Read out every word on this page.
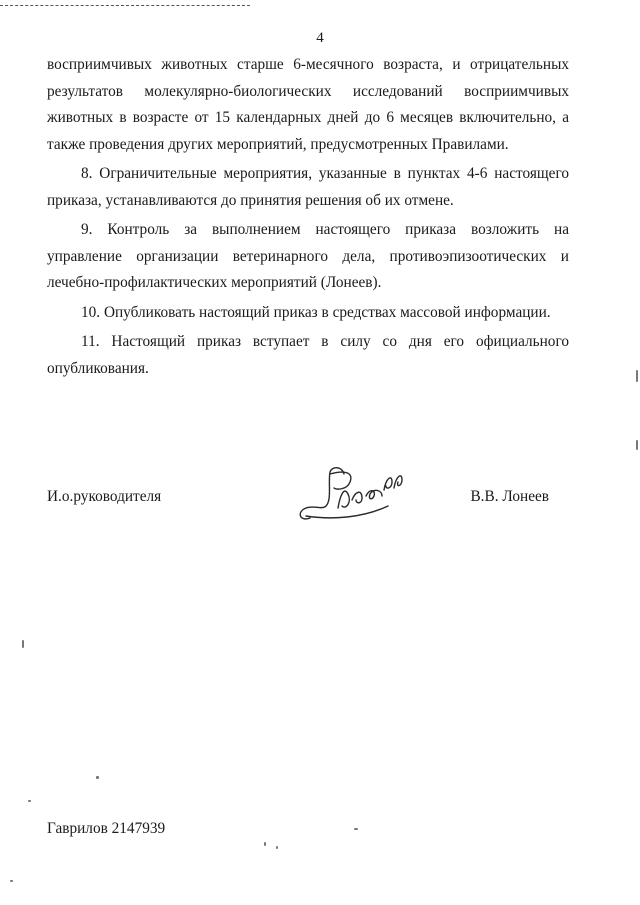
4

восприимчивых животных старше 6-месячного возраста, и отрицательных результатов молекулярно-биологических исследований восприимчивых животных в возрасте от 15 календарных дней до 6 месяцев включительно, а также проведения других мероприятий, предусмотренных Правилами.

8. Ограничительные мероприятия, указанные в пунктах 4-6 настоящего приказа, устанавливаются до принятия решения об их отмене.

9. Контроль за выполнением настоящего приказа возложить на управление организации ветеринарного дела, противоэпизоотических и лечебно-профилактических мероприятий (Лонеев).

10. Опубликовать настоящий приказ в средствах массовой информации.

11. Настоящий приказ вступает в силу со дня его официального опубликования.

И.о.руководителя	В.В. Лонеев
Гаврилов 2147939
